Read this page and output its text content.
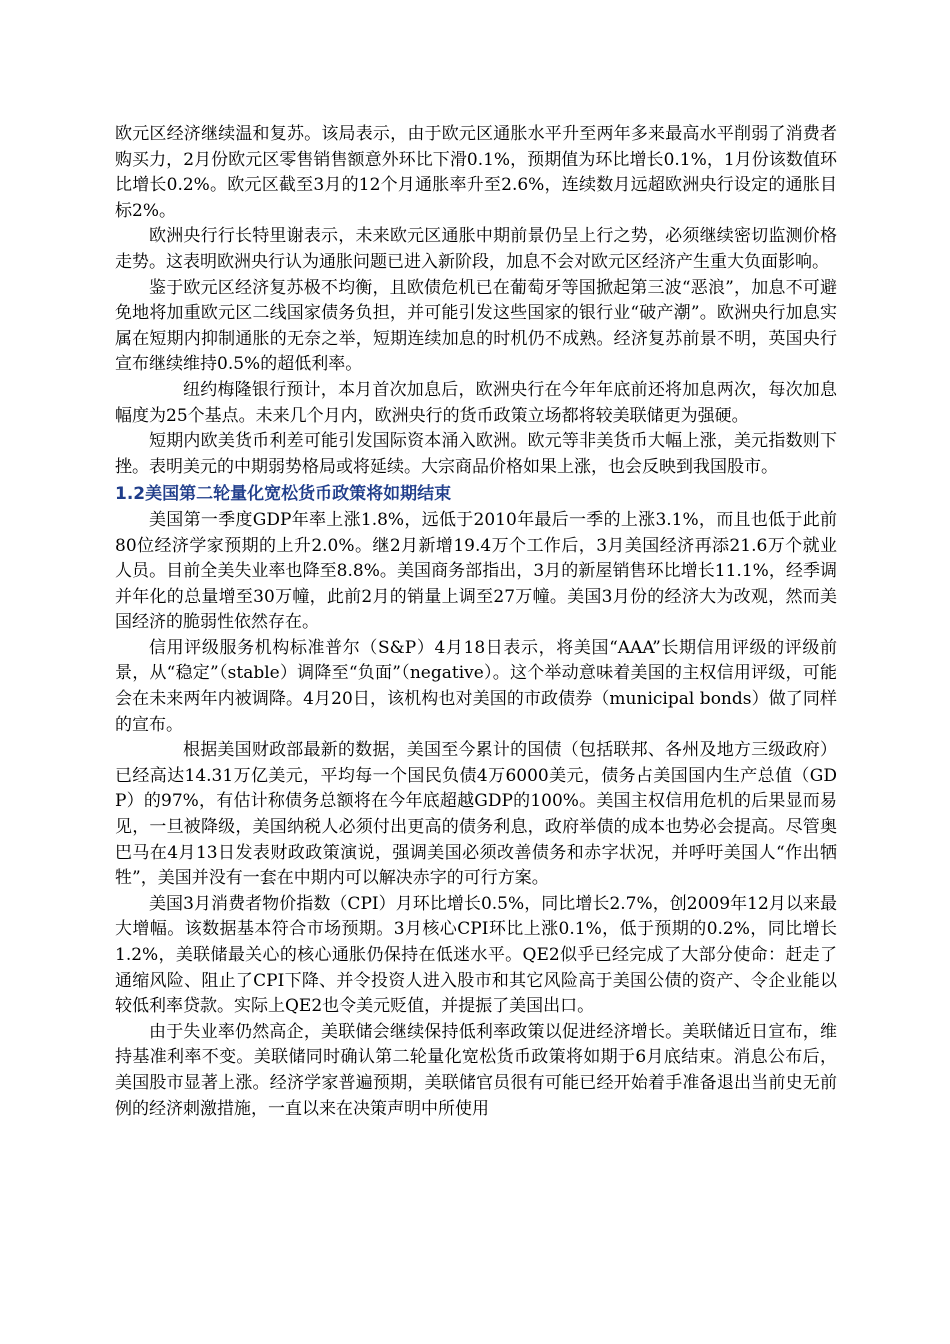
欧元区经济继续温和复苏。该局表示，由于欧元区通胀水平升至两年多来最高水平削弱了消费者购买力，2月份欧元区零售销售额意外环比下滑0.1%，预期值为环比增长0.1%，1月份该数值环比增长0.2%。欧元区截至3月的12个月通胀率升至2.6%，连续数月远超欧洲央行设定的通胀目标2%。

欧洲央行行长特里谢表示，未来欧元区通胀中期前景仍呈上行之势，必须继续密切监测价格走势。这表明欧洲央行认为通胀问题已进入新阶段，加息不会对欧元区经济产生重大负面影响。

鉴于欧元区经济复苏极不均衡，且欧债危机已在葡萄牙等国掀起第三波“恶浪”，加息不可避免地将加重欧元区二线国家债务负担，并可能引发这些国家的银行业“破产潮”。欧洲央行加息实属在短期内抑制通胀的无奈之举，短期连续加息的时机仍不成熟。经济复苏前景不明，英国央行宣布继续维持0.5%的超低利率。

纽约梅隆银行预计，本月首次加息后，欧洲央行在今年年底前还将加息两次，每次加息幅度为25个基点。未来几个月内，欧洲央行的货币政策立场都将较美联储更为强硬。

短期内欧美货币利差可能引发国际资本涌入欧洲。欧元等非美货币大幅上涨，美元指数则下挫。表明美元的中期弱势格局或将延续。大宗商品价格如果上涨，也会反映到我国股市。

1.2美国第二轮量化宽松货币政策将如期结束

美国第一季度GDP年率上涨1.8%，远低于2010年最后一季的上涨3.1%，而且也低于此前80位经济学家预期的上升2.0%。继2月新增19.4万个工作后，3月美国经济再添21.6万个就业人员。目前全美失业率也降至8.8%。美国商务部指出，3月的新屋销售环比增长11.1%，经季调并年化的总量增至30万幢，此前2月的销量上调至27万幢。美国3月份的经济大为改观，然而美国经济的脆弱性依然存在。

信用评级服务机构标准普尔（S&P）4月18日表示，将美国“AAA”长期信用评级的评级前景，从“稳定”（stable）调降至“负面”（negative）。这个举动意味着美国的主权信用评级，可能会在未来两年内被调降。4月20日，该机构也对美国的市政债券（municipal bonds）做了同样的宣布。

根据美国财政部最新的数据，美国至今累计的国债（包括联邦、各州及地方三级政府）已经高达14.31万亿美元，平均每一个国民负债4万6000美元，债务占美国国内生产总值（GDP）的97%，有估计称债务总额将在今年底超越GDP的100%。美国主权信用危机的后果显而易见，一旦被降级，美国纳税人必须付出更高的债务利息，政府举债的成本也势必会提高。尽管奥巴马在4月13日发表财政政策演说，强调美国必须改善债务和赤字状况，并呼吁美国人“作出牺牲”，美国并没有一套在中期内可以解决赤字的可行方案。

美国3月消费者物价指数（CPI）月环比增长0.5%，同比增长2.7%，创2009年12月以来最大增幅。该数据基本符合市场预期。3月核心CPI环比上涨0.1%，低于预期的0.2%，同比增长1.2%，美联储最关心的核心通胀仍保持在低迷水平。QE2似乎已经完成了大部分使命：赶走了通缩风险、阻止了CPI下降、并令投资人进入股市和其它风险高于美国公债的资产、令企业能以较低利率贷款。实际上QE2也令美元贬值，并提振了美国出口。

由于失业率仍然高企，美联储会继续保持低利率政策以促进经济增长。美联储近日宣布，维持基准利率不变。美联储同时确认第二轮量化宽松货币政策将如期于6月底结束。消息公布后，美国股市显著上涨。经济学家普遍预期，美联储官员很有可能已经开始着手准备退出当前史无前例的经济刺激措施，一直以来在决策声明中所使用
